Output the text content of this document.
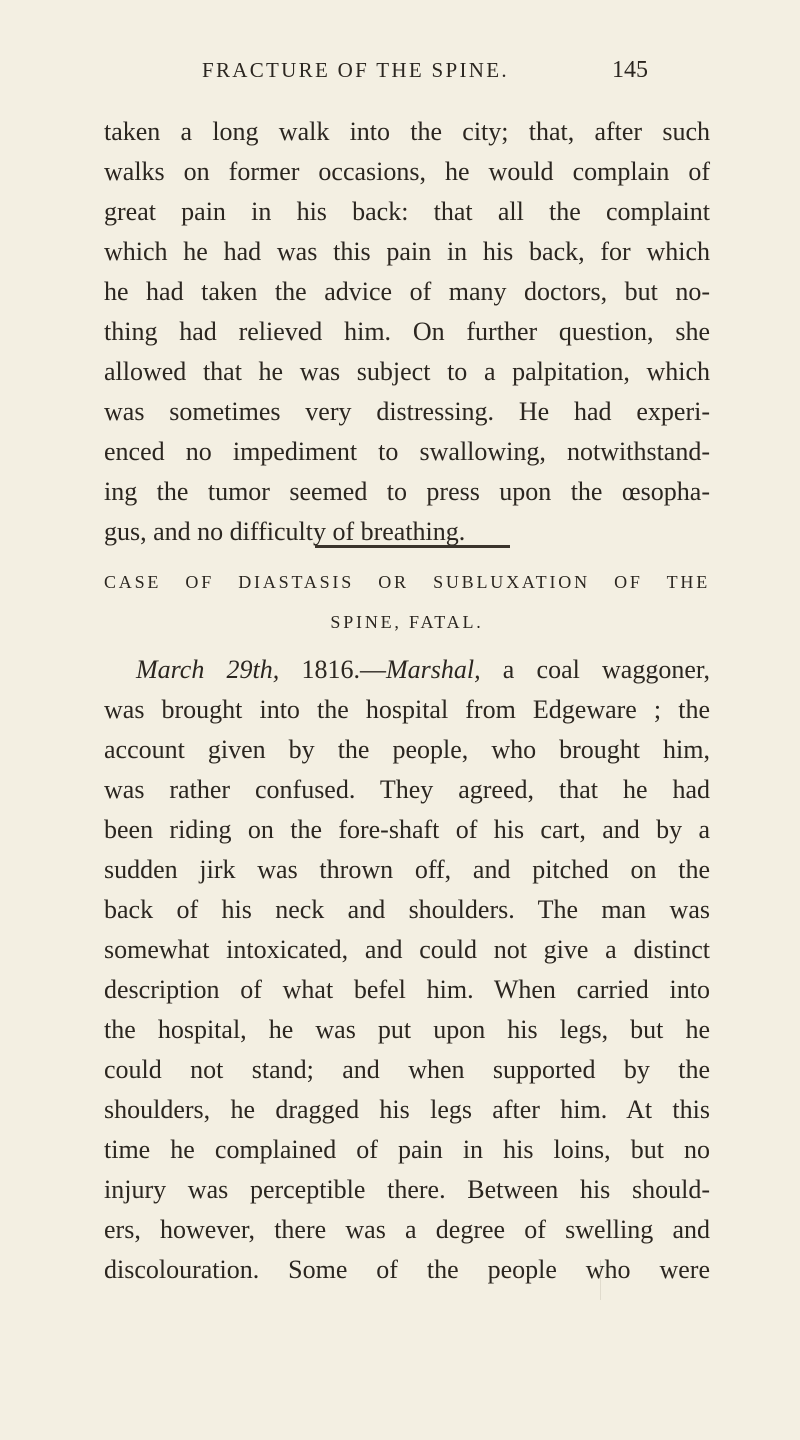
FRACTURE OF THE SPINE.	145
taken a long walk into the city; that, after such
walks on former occasions, he would complain of
great pain in his back: that all the complaint
which he had was this pain in his back, for which
he had taken the advice of many doctors, but no-
thing had relieved him. On further question, she
allowed that he was subject to a palpitation, which
was sometimes very distressing. He had experi-
enced no impediment to swallowing, notwithstand-
ing the tumor seemed to press upon the œsopha-
gus, and no difficulty of breathing.
CASE OF DIASTASIS OR SUBLUXATION OF THE
SPINE, FATAL.
March 29th, 1816.—Marshal, a coal waggoner,
was brought into the hospital from Edgeware ; the
account given by the people, who brought him,
was rather confused. They agreed, that he had
been riding on the fore-shaft of his cart, and by a
sudden jirk was thrown off, and pitched on the
back of his neck and shoulders. The man was
somewhat intoxicated, and could not give a distinct
description of what befel him. When carried into
the hospital, he was put upon his legs, but he
could not stand; and when supported by the
shoulders, he dragged his legs after him. At this
time he complained of pain in his loins, but no
injury was perceptible there. Between his should-
ers, however, there was a degree of swelling and
discolouration. Some of the people who were
